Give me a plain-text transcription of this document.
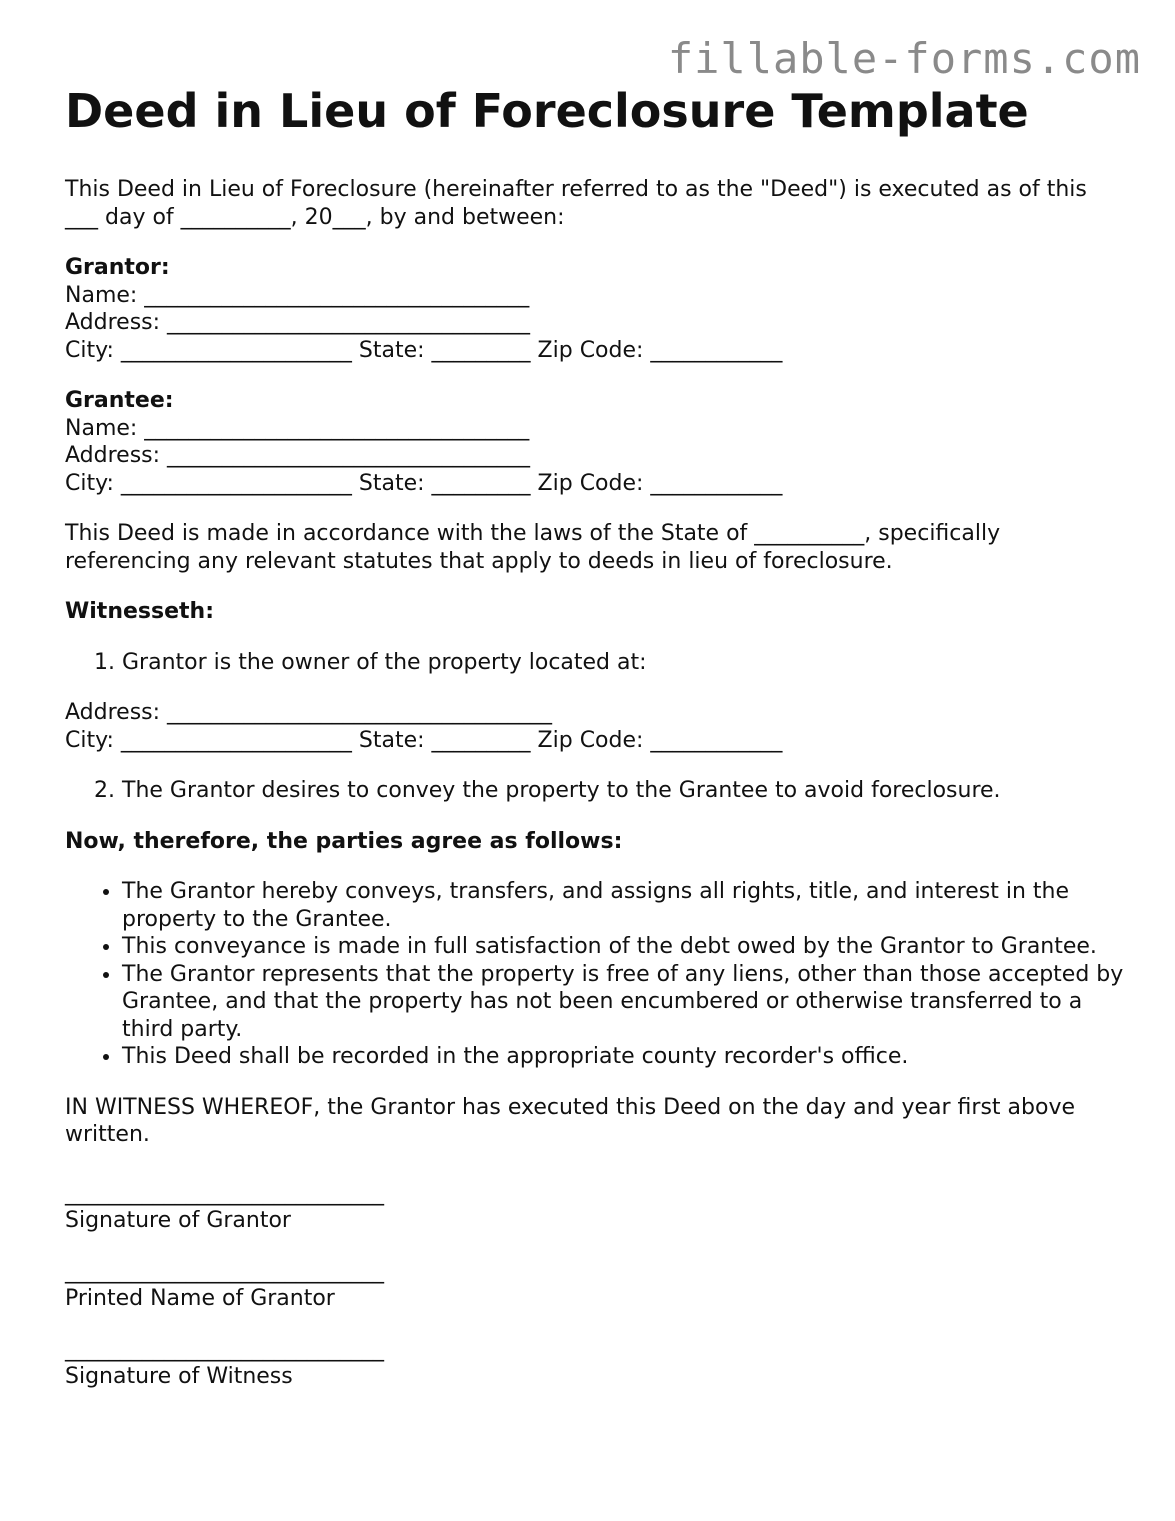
fillable-forms.com
Deed in Lieu of Foreclosure Template

This Deed in Lieu of Foreclosure (hereinafter referred to as the "Deed") is executed as of this ___ day of __________, 20___, by and between:

Grantor:
Name: ___________________________________
Address: _________________________________
City: _____________________ State: _________ Zip Code: ____________
Grantee:
Name: ___________________________________
Address: _________________________________
City: _____________________ State: _________ Zip Code: ____________

This Deed is made in accordance with the laws of the State of __________, specifically referencing any relevant statutes that apply to deeds in lieu of foreclosure.

Witnesseth:

1. Grantor is the owner of the property located at:
Address: ___________________________________
City: _____________________ State: _________ Zip Code: ____________
2. The Grantor desires to convey the property to the Grantee to avoid foreclosure.

Now, therefore, the parties agree as follows:

• The Grantor hereby conveys, transfers, and assigns all rights, title, and interest in the property to the Grantee.
• This conveyance is made in full satisfaction of the debt owed by the Grantor to Grantee.
• The Grantor represents that the property is free of any liens, other than those accepted by Grantee, and that the property has not been encumbered or otherwise transferred to a third party.
• This Deed shall be recorded in the appropriate county recorder's office.

IN WITNESS WHEREOF, the Grantor has executed this Deed on the day and year first above written.

_____________________________
Signature of Grantor
_____________________________
Printed Name of Grantor
_____________________________
Signature of Witness
